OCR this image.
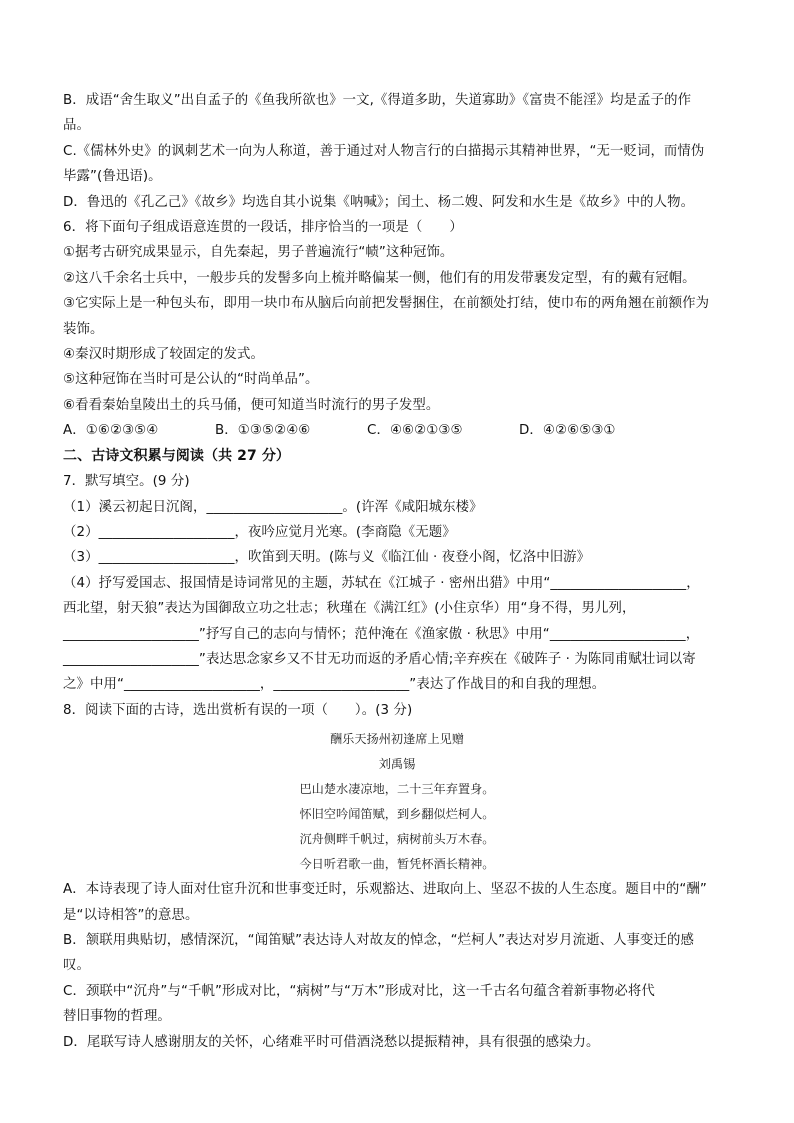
B．成语“舍生取义”出自孟子的《鱼我所欲也》一文,《得道多助，失道寡助》《富贵不能淫》均是孟子的作

品。

C.《儒林外史》的讽刺艺术一向为人称道，善于通过对人物言行的白描揭示其精神世界，“无一贬词，而情伪

毕露”(鲁迅语)。

D．鲁迅的《孔乙己》《故乡》均选自其小说集《呐喊》；闰土、杨二嫂、阿发和水生是《故乡》中的人物。

6．将下面句子组成语意连贯的一段话，排序恰当的一项是（　　）

①据考古研究成果显示，自先秦起，男子普遍流行“帻”这种冠饰。

②这八千余名士兵中，一般步兵的发髻多向上梳并略偏某一侧，他们有的用发带裹发定型，有的戴有冠帽。

③它实际上是一种包头布，即用一块巾布从脑后向前把发髻捆住，在前额处打结，使巾布的两角翘在前额作为

装饰。

④秦汉时期形成了较固定的发式。

⑤这种冠饰在当时可是公认的“时尚单品”。

⑥看看秦始皇陵出土的兵马俑，便可知道当时流行的男子发型。

A．①⑥②③⑤④	B．①③⑤②④⑥	C．④⑥②①③⑤	D．④②⑥⑤③①

二、古诗文积累与阅读（共 27 分）

7．默写填空。(9 分)

（1）溪云初起日沉阁，____________________。(许浑《咸阳城东楼》

（2）____________________，夜吟应觉月光寒。(李商隐《无题》

（3）____________________，吹笛到天明。(陈与义《临江仙 · 夜登小阁，忆洛中旧游》

（4）抒写爱国志、报国情是诗词常见的主题，苏轼在《江城子 · 密州出猎》中用“____________________，

西北望，射天狼”表达为国御敌立功之壮志；秋瑾在《满江红》(小住京华）用“身不得，男儿列，

____________________”抒写自己的志向与情怀；范仲淹在《渔家傲 · 秋思》中用“____________________，

____________________”表达思念家乡又不甘无功而返的矛盾心情;辛弃疾在《破阵子 · 为陈同甫赋壮词以寄

之》中用“____________________，____________________”表达了作战目的和自我的理想。

8．阅读下面的古诗，选出赏析有误的一项（　　）。(3 分)

酬乐天扬州初逢席上见赠

刘禹锡

巴山楚水凄凉地，二十三年弃置身。

怀旧空吟闻笛赋，到乡翻似烂柯人。

沉舟侧畔千帆过，病树前头万木春。

今日听君歌一曲，暂凭杯酒长精神。

A．本诗表现了诗人面对仕宦升沉和世事变迁时，乐观豁达、进取向上、坚忍不拔的人生态度。题目中的“酬”

是“以诗相答”的意思。

B．颔联用典贴切，感情深沉，“闻笛赋”表达诗人对故友的悼念，“烂柯人”表达对岁月流逝、人事变迁的感

叹。

C．颈联中“沉舟”与“千帆”形成对比，“病树”与“万木”形成对比，这一千古名句蕴含着新事物必将代

替旧事物的哲理。

D．尾联写诗人感谢朋友的关怀，心绪难平时可借酒浇愁以提振精神，具有很强的感染力。
